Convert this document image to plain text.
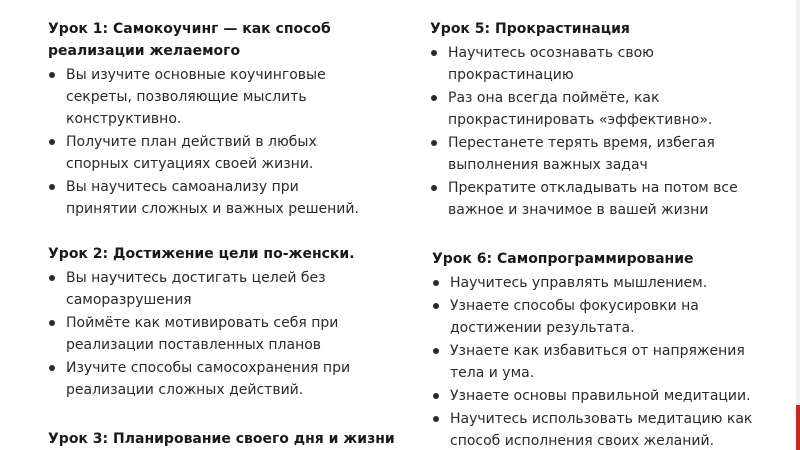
Урок 1: Самокоучинг — как способ реализации желаемого
Вы изучите основные коучинговые секреты, позволяющие мыслить конструктивно.
Получите план действий в любых спорных ситуациях своей жизни.
Вы научитесь самоанализу при принятии сложных и важных решений.
Урок 2: Достижение цели по-женски.
Вы научитесь достигать целей без саморазрушения
Поймёте как мотивировать себя при реализации поставленных планов
Изучите способы самосохранения при реализации сложных действий.
Урок 3: Планирование своего дня и жизни
Урок 5: Прокрастинация
Научитесь осознавать свою прокрастинацию
Раз она всегда поймёте, как прокрастинировать «эффективно».
Перестанете терять время, избегая выполнения важных задач
Прекратите откладывать на потом все важное и значимое в вашей жизни
Урок 6: Самопрограммирование
Научитесь управлять мышлением.
Узнаете способы фокусировки на достижении результата.
Узнаете как избавиться от напряжения тела и ума.
Узнаете основы правильной медитации.
Научитесь использовать медитацию как способ исполнения своих желаний.
